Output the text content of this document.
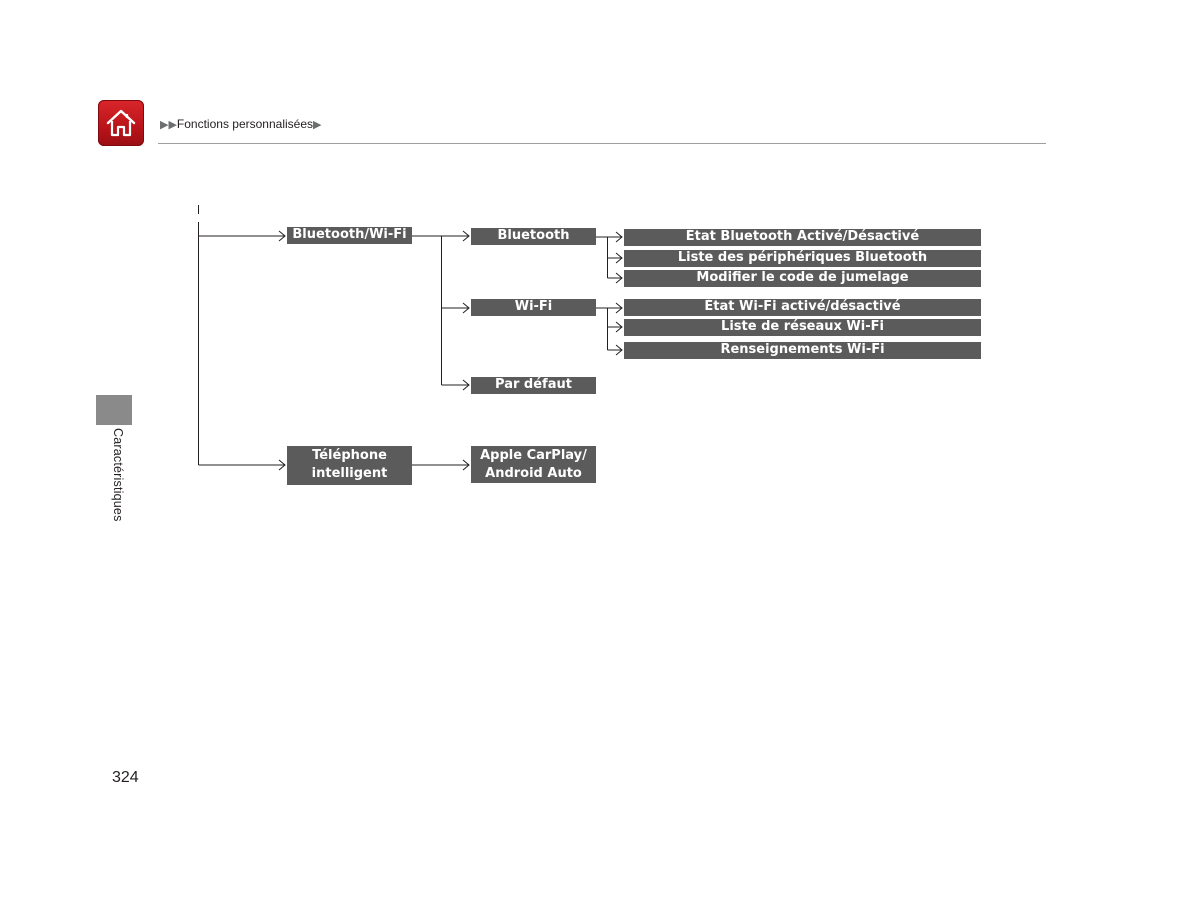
▶▶Fonctions personnalisées▶
Caractéristiques
Bluetooth/Wi-Fi
Téléphone
intelligent
Bluetooth
Wi-Fi
Par défaut
Apple CarPlay/
Android Auto
État Bluetooth Activé/Désactivé
Liste des périphériques Bluetooth
Modifier le code de jumelage
État Wi-Fi activé/désactivé
Liste de réseaux Wi-Fi
Renseignements Wi-Fi
324
